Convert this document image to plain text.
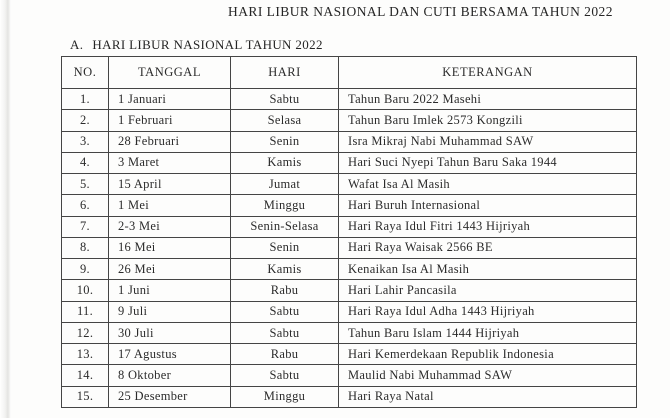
HARI LIBUR NASIONAL DAN CUTI BERSAMA TAHUN 2022
A. HARI LIBUR NASIONAL TAHUN 2022
NO.	TANGGAL	HARI	KETERANGAN
1.	1 Januari	Sabtu	Tahun Baru 2022 Masehi
2.	1 Februari	Selasa	Tahun Baru Imlek 2573 Kongzili
3.	28 Februari	Senin	Isra Mikraj Nabi Muhammad SAW
4.	3 Maret	Kamis	Hari Suci Nyepi Tahun Baru Saka 1944
5.	15 April	Jumat	Wafat Isa Al Masih
6.	1 Mei	Minggu	Hari Buruh Internasional
7.	2-3 Mei	Senin-Selasa	Hari Raya Idul Fitri 1443 Hijriyah
8.	16 Mei	Senin	Hari Raya Waisak 2566 BE
9.	26 Mei	Kamis	Kenaikan Isa Al Masih
10.	1 Juni	Rabu	Hari Lahir Pancasila
11.	9 Juli	Sabtu	Hari Raya Idul Adha 1443 Hijriyah
12.	30 Juli	Sabtu	Tahun Baru Islam 1444 Hijriyah
13.	17 Agustus	Rabu	Hari Kemerdekaan Republik Indonesia
14.	8 Oktober	Sabtu	Maulid Nabi Muhammad SAW
15.	25 Desember	Minggu	Hari Raya Natal
